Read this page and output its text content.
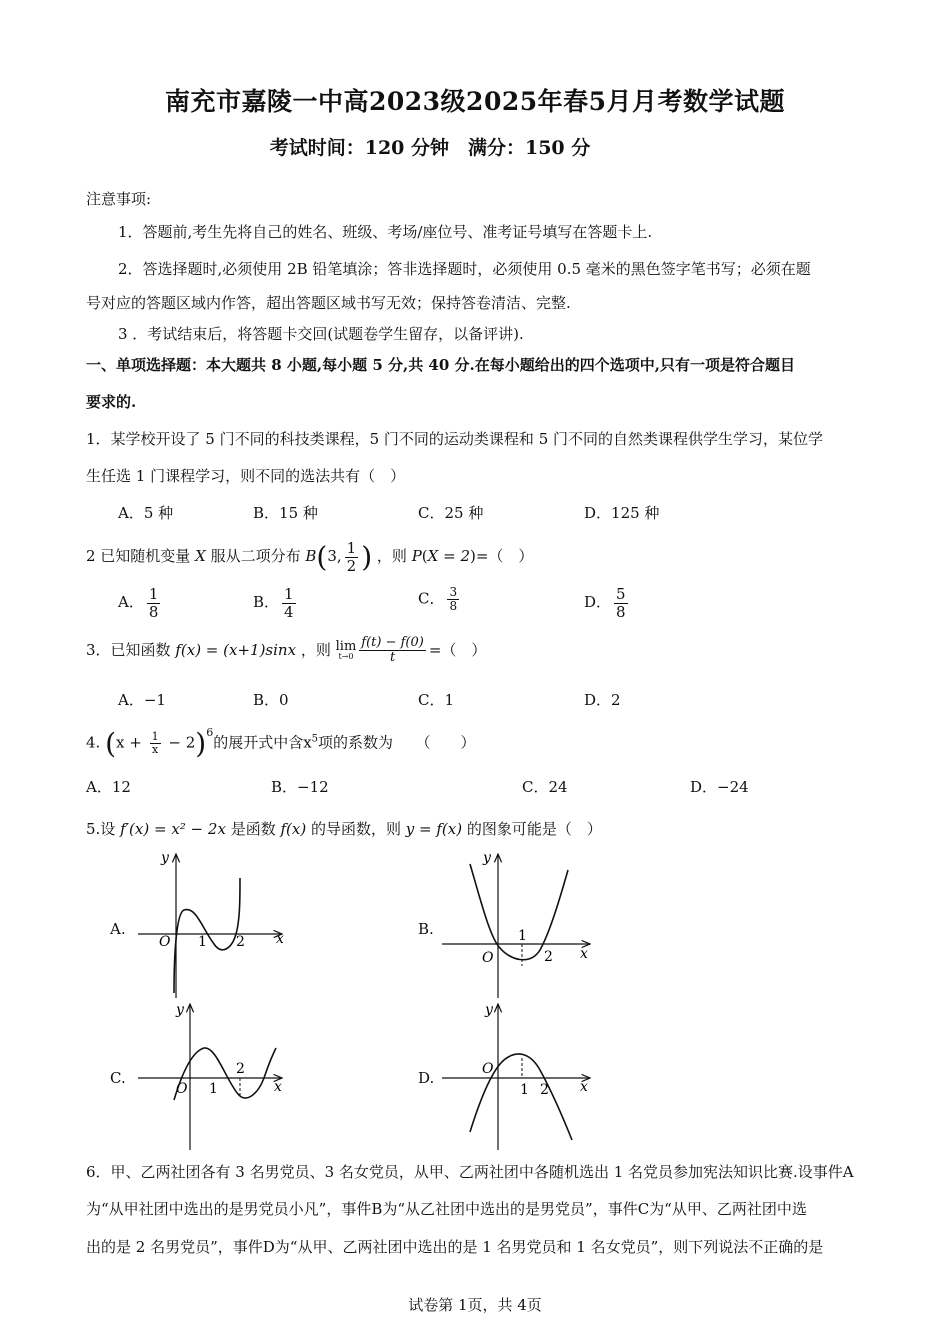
南充市嘉陵一中高2023级2025年春5月月考数学试题
考试时间：120 分钟　满分：150 分
注意事项:
1．答题前,考生先将自己的姓名、班级、考场/座位号、准考证号填写在答题卡上.
2．答选择题时,必须使用 2B 铅笔填涂；答非选择题时，必须使用 0.5 毫米的黑色签字笔书写；必须在题
号对应的答题区域内作答，超出答题区域书写无效；保持答卷清洁、完整.
3 ．考试结束后，将答题卡交回(试题卷学生留存，以备评讲).
一、单项选择题：本大题共 8 小题,每小题 5 分,共 40 分.在每小题给出的四个选项中,只有一项是符合题目
要求的.
1．某学校开设了 5 门不同的科技类课程，5 门不同的运动类课程和 5 门不同的自然类课程供学生学习，某位学
生任选 1 门课程学习，则不同的选法共有（　）
A．5 种	B．15 种	C．25 种	D．125 种
2 已知随机变量 X 服从二项分布 B(3, $\frac{1}{2}$ ) ，则 P(X = 2)=（　）
A． $\frac{1}{8}$	B． $\frac{1}{4}$	C． $\frac{3}{8}$	D． $\frac{5}{8}$
3．已知函数 f(x) = (x+1)sinx ，则 lim
$t\to 0 \frac{f(t) - f(0)}{t}$ =（　）
A．−1	B．0	C．1	D．2
4. $(x + \frac{1}{x} - 2)^6$的展开式中含$x^5$项的系数为　　（　　）
A．12	B．−12	C．24	D．−24
5.设 f′(x) = x² − 2x 是函数 f(x) 的导函数，则 y = f(x) 的图象可能是（　）
A.	B.
C.	D.
y
x
O 1 2
y
x
O
1
2
y
x
O 1
2
y
x
O
1 2
6．甲、乙两社团各有 3 名男党员、3 名女党员，从甲、乙两社团中各随机选出 1 名党员参加宪法知识比赛.设事件A
为“从甲社团中选出的是男党员小凡”，事件B为“从乙社团中选出的是男党员”，事件C为“从甲、乙两社团中选
出的是 2 名男党员”，事件D为“从甲、乙两社团中选出的是 1 名男党员和 1 名女党员”，则下列说法不正确的是
试卷第 1页，共 4页
